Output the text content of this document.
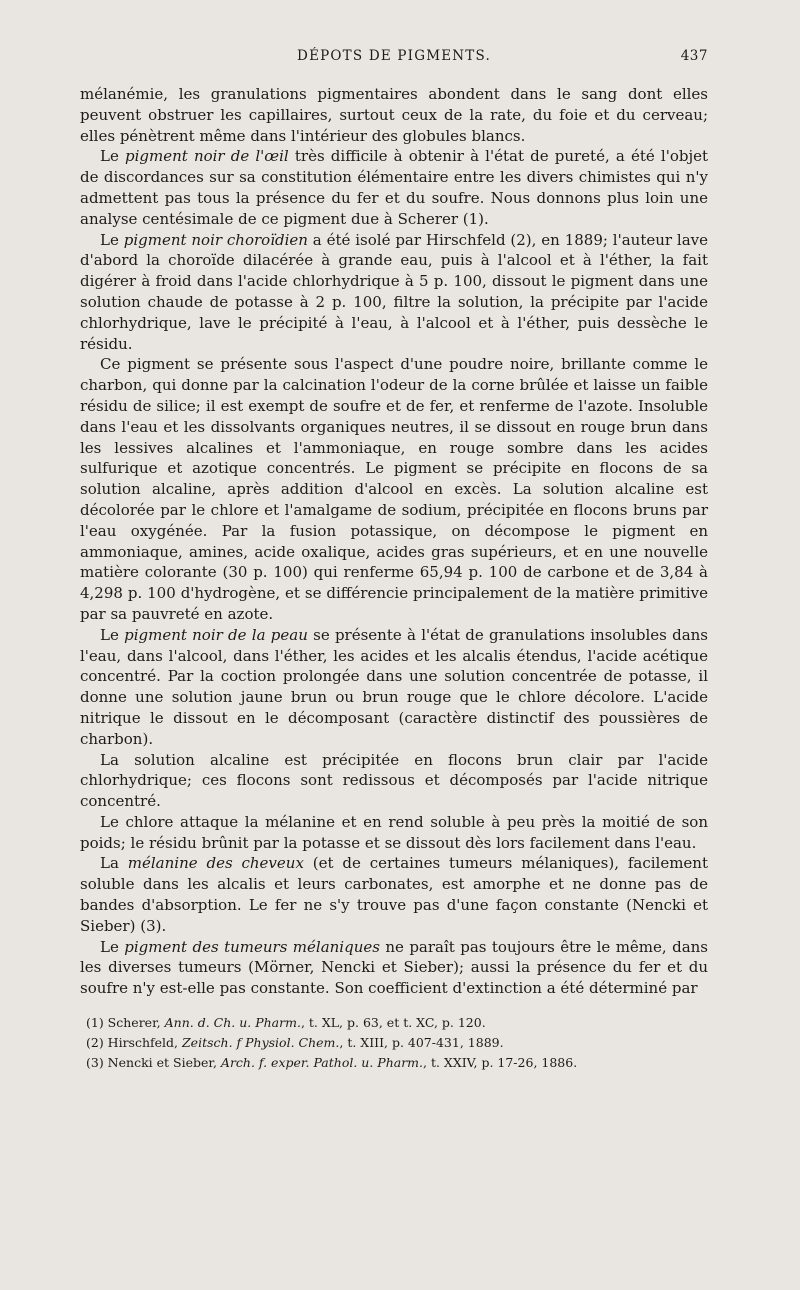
DÉPOTS DE PIGMENTS.	437

mélanémie, les granulations pigmentaires abondent dans le sang dont elles peuvent obstruer les capillaires, surtout ceux de la rate, du foie et du cerveau; elles pénètrent même dans l'intérieur des globules blancs.

Le pigment noir de l'œil très difficile à obtenir à l'état de pureté, a été l'objet de discordances sur sa constitution élémentaire entre les divers chimistes qui n'y admettent pas tous la présence du fer et du soufre. Nous donnons plus loin une analyse centésimale de ce pigment due à Scherer (1).

Le pigment noir choroïdien a été isolé par Hirschfeld (2), en 1889; l'auteur lave d'abord la choroïde dilacérée à grande eau, puis à l'alcool et à l'éther, la fait digérer à froid dans l'acide chlorhydrique à 5 p. 100, dissout le pigment dans une solution chaude de potasse à 2 p. 100, filtre la solution, la précipite par l'acide chlorhydrique, lave le précipité à l'eau, à l'alcool et à l'éther, puis dessèche le résidu.

Ce pigment se présente sous l'aspect d'une poudre noire, brillante comme le charbon, qui donne par la calcination l'odeur de la corne brûlée et laisse un faible résidu de silice; il est exempt de soufre et de fer, et renferme de l'azote. Insoluble dans l'eau et les dissolvants organiques neutres, il se dissout en rouge brun dans les lessives alcalines et l'ammoniaque, en rouge sombre dans les acides sulfurique et azotique concentrés. Le pigment se précipite en flocons de sa solution alcaline, après addition d'alcool en excès. La solution alcaline est décolorée par le chlore et l'amalgame de sodium, précipitée en flocons bruns par l'eau oxygénée. Par la fusion potassique, on décompose le pigment en ammoniaque, amines, acide oxalique, acides gras supérieurs, et en une nouvelle matière colorante (30 p. 100) qui renferme 65,94 p. 100 de carbone et de 3,84 à 4,298 p. 100 d'hydrogène, et se différencie principalement de la matière primitive par sa pauvreté en azote.

Le pigment noir de la peau se présente à l'état de granulations insolubles dans l'eau, dans l'alcool, dans l'éther, les acides et les alcalis étendus, l'acide acétique concentré. Par la coction prolongée dans une solution concentrée de potasse, il donne une solution jaune brun ou brun rouge que le chlore décolore. L'acide nitrique le dissout en le décomposant (caractère distinctif des poussières de charbon).

La solution alcaline est précipitée en flocons brun clair par l'acide chlorhydrique; ces flocons sont redissous et décomposés par l'acide nitrique concentré.

Le chlore attaque la mélanine et en rend soluble à peu près la moitié de son poids; le résidu brûnit par la potasse et se dissout dès lors facilement dans l'eau.

La mélanine des cheveux (et de certaines tumeurs mélaniques), facilement soluble dans les alcalis et leurs carbonates, est amorphe et ne donne pas de bandes d'absorption. Le fer ne s'y trouve pas d'une façon constante (Nencki et Sieber) (3).

Le pigment des tumeurs mélaniques ne paraît pas toujours être le même, dans les diverses tumeurs (Mörner, Nencki et Sieber); aussi la présence du fer et du soufre n'y est-elle pas constante. Son coefficient d'extinction a été déterminé par

(1) Scherer, Ann. d. Ch. u. Pharm., t. XL, p. 63, et t. XC, p. 120.

(2) Hirschfeld, Zeitsch. f Physiol. Chem., t. XIII, p. 407-431, 1889.

(3) Nencki et Sieber, Arch. f. exper. Pathol. u. Pharm., t. XXIV, p. 17-26, 1886.
